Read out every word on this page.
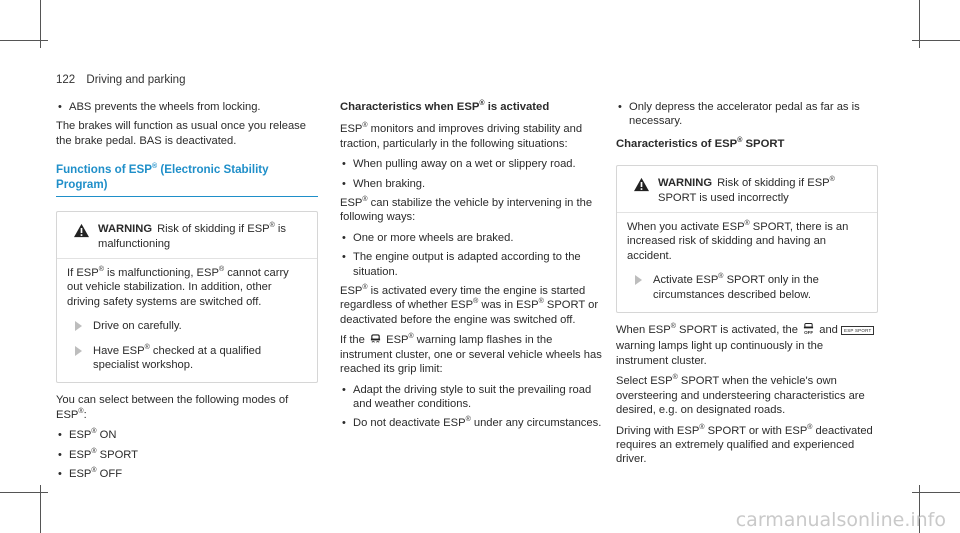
122 Driving and parking
• ABS prevents the wheels from locking.

The brakes will function as usual once you release the brake pedal. BAS is deactivated.

Functions of ESP® (Electronic Stability Program)
WARNING Risk of skidding if ESP® is malfunctioning

If ESP® is malfunctioning, ESP® cannot carry out vehicle stabilization. In addition, other driving safety systems are switched off.

Drive on carefully.
Have ESP® checked at a qualified specialist workshop.

You can select between the following modes of ESP®:

• ESP® ON
• ESP® SPORT
• ESP® OFF
Characteristics when ESP® is activated

ESP® monitors and improves driving stability and traction, particularly in the following situations:

• When pulling away on a wet or slippery road.
• When braking.

ESP® can stabilize the vehicle by intervening in the following ways:

• One or more wheels are braked.
• The engine output is adapted according to the situation.

ESP® is activated every time the engine is started regardless of whether ESP® was in ESP® SPORT or deactivated before the engine was switched off.

If the  ESP® warning lamp flashes in the instrument cluster, one or several vehicle wheels has reached its grip limit:

• Adapt the driving style to suit the prevailing road and weather conditions.
• Do not deactivate ESP® under any circumstances.
• Only depress the accelerator pedal as far as is necessary.
Characteristics of ESP® SPORT
WARNING Risk of skidding if ESP® SPORT is used incorrectly

When you activate ESP® SPORT, there is an increased risk of skidding and having an accident.

Activate ESP® SPORT only in the circumstances described below.

When ESP® SPORT is activated, the OFF and ESP SPORT warning lamps light up continuously in the instrument cluster.

Select ESP® SPORT when the vehicle's own oversteering and understeering characteristics are desired, e.g. on designated roads.

Driving with ESP® SPORT or with ESP® deactivated requires an extremely qualified and experienced driver.

carmanualsonline.info
